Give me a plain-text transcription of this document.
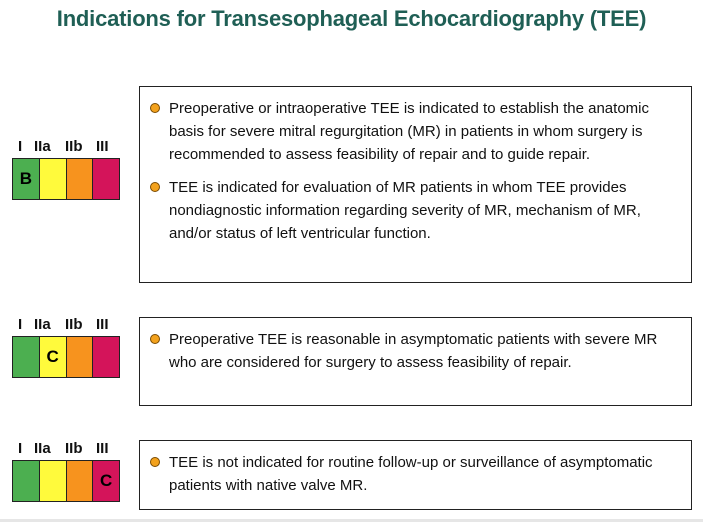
Indications for Transesophageal Echocardiography (TEE)
I IIa IIb III
B
Preoperative or intraoperative TEE is indicated to establish the anatomic basis for severe mitral regurgitation (MR) in patients in whom surgery is recommended to assess feasibility of repair and to guide repair.
TEE is indicated for evaluation of MR patients in whom TEE provides nondiagnostic information regarding severity of MR, mechanism of MR, and/or status of left ventricular function.
I IIa IIb III
C
Preoperative TEE is reasonable in asymptomatic patients with severe MR who are considered for surgery to assess feasibility of repair.
I IIa IIb III
C
TEE is not indicated for routine follow-up or surveillance of asymptomatic patients with native valve MR.
